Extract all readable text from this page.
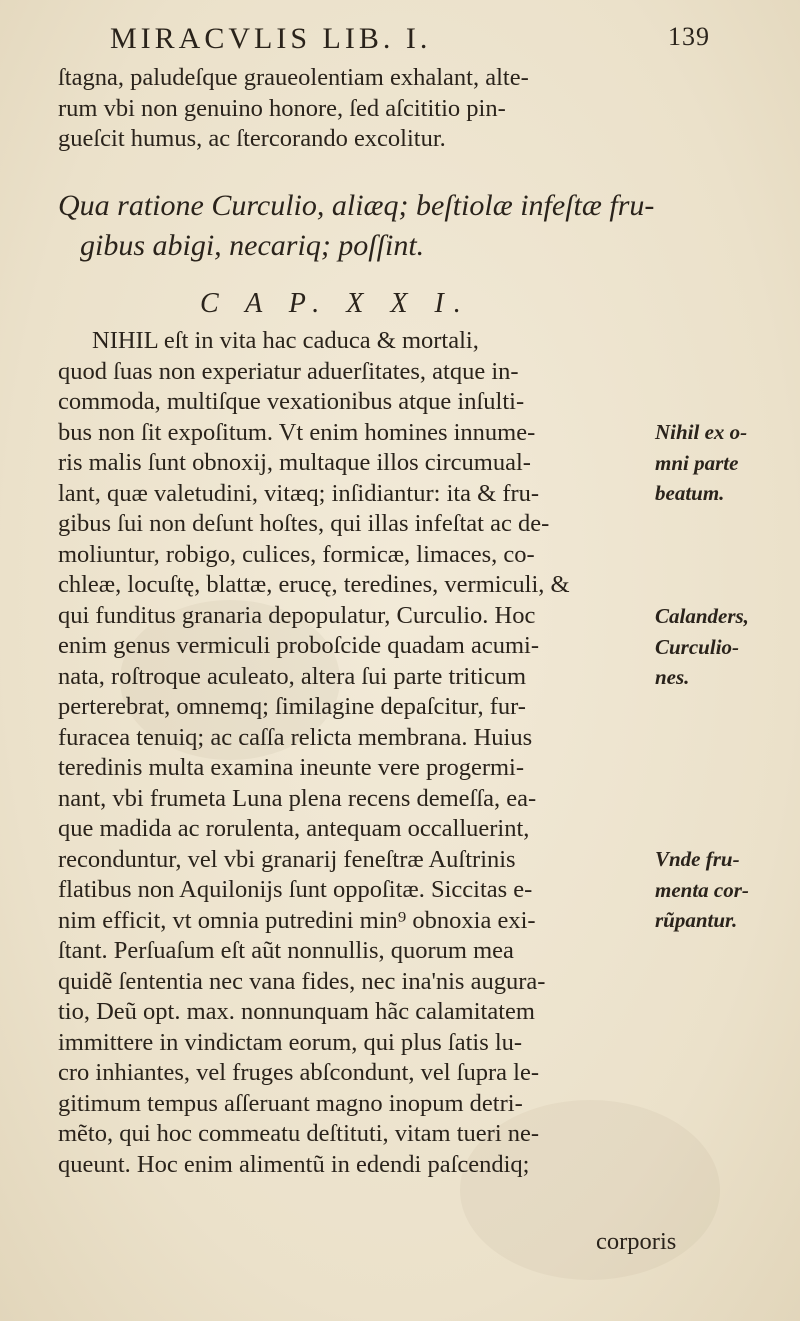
MIRACVLIS LIB. I.	139
ſtagna, paludeſque graueolentiam exhalant, alte-
rum vbi non genuino honore, ſed aſcititio pin-
gueſcit humus, ac ſtercorando excolitur.
Qua ratione Curculio, aliæq; beſtiolæ infeſtæ fru-
gibus abigi, necariq; poſſint.
C A P. X X I.
NIHIL eſt in vita hac caduca & mortali,
quod ſuas non experiatur aduerſitates, atque in-
commoda, multiſque vexationibus atque inſulti-
bus non ſit expoſitum. Vt enim homines innume-
ris malis ſunt obnoxij, multaque illos circumual-
lant, quæ valetudini, vitæq; inſidiantur: ita & fru-
gibus ſui non deſunt hoſtes, qui illas infeſtat ac de-
moliuntur, robigo, culices, formicæ, limaces, co-
chleæ, locuſtę, blattæ, erucę, teredines, vermiculi, &
qui funditus granaria depopulatur, Curculio. Hoc
enim genus vermiculi proboſcide quadam acumi-
nata, roſtroque aculeato, altera ſui parte triticum
perterebrat, omnemq; ſimilagine depaſcitur, fur-
furacea tenuiq; ac caſſa relicta membrana. Huius
teredinis multa examina ineunte vere progermi-
nant, vbi frumeta Luna plena recens demeſſa, ea-
que madida ac rorulenta, antequam occalluerint,
reconduntur, vel vbi granarij feneſtræ Auſtrinis
flatibus non Aquilonijs ſunt oppoſitæ. Siccitas e-
nim efficit, vt omnia putredini min⁹ obnoxia exi-
ſtant. Perſuaſum eſt aũt nonnullis, quorum mea
quidẽ ſententia nec vana fides, nec ina'nis augura-
tio, Deũ opt. max. nonnunquam hãc calamitatem
immittere in vindictam eorum, qui plus ſatis lu-
cro inhiantes, vel fruges abſcondunt, vel ſupra le-
gitimum tempus aſſeruant magno inopum detri-
mẽto, qui hoc commeatu deſtituti, vitam tueri ne-
queunt. Hoc enim alimentũ in edendi paſcendiq;
corporis
Nihil ex o-
mni parte
beatum.
Calanders,
Curculio-
nes.
Vnde fru-
menta cor-
rũpantur.
